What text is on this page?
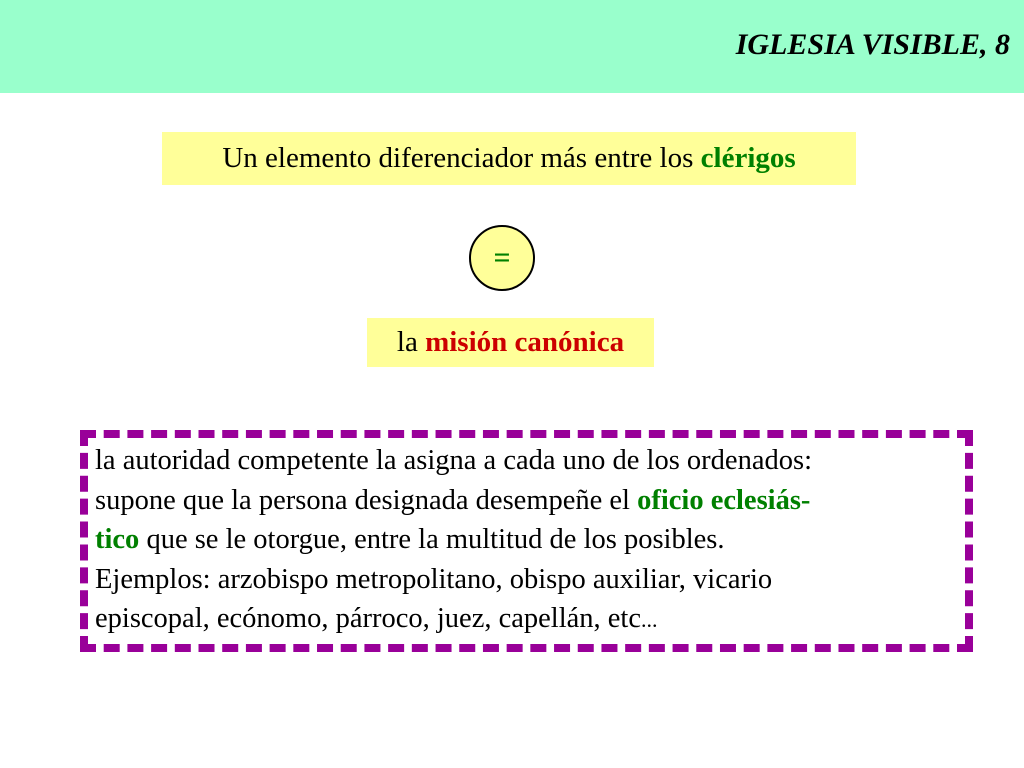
IGLESIA VISIBLE, 8
Un elemento diferenciador más entre los clérigos
=
la misión canónica
la autoridad competente la asigna a cada uno de los ordenados:
supone que la persona designada desempeñe el oficio eclesiás-
tico que se le otorgue, entre la multitud de los posibles.
Ejemplos: arzobispo metropolitano, obispo auxiliar, vicario
episcopal, ecónomo, párroco, juez, capellán, etc...
